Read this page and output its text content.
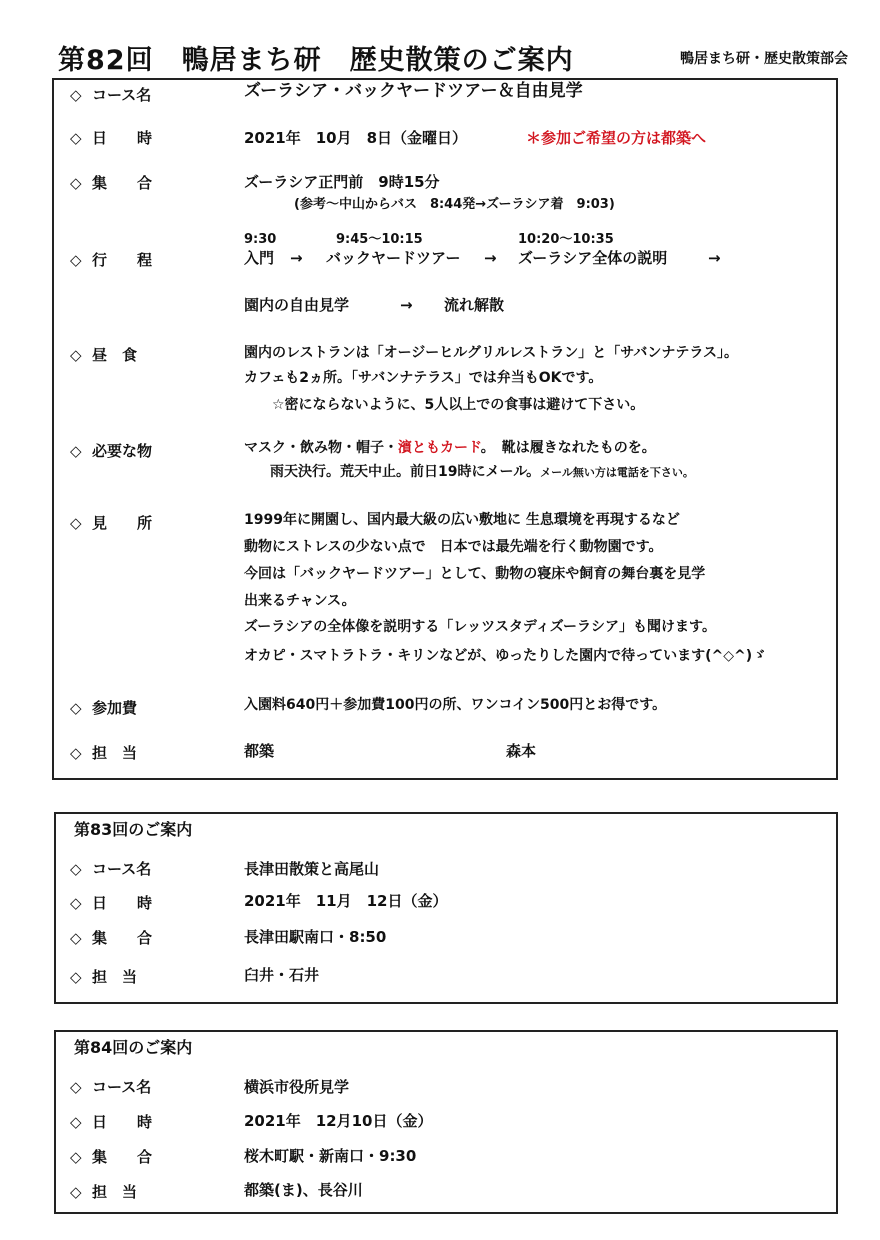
第82回　鴨居まち研　歴史散策のご案内	鴨居まち研・歴史散策部会
◇ コース名	ズーラシア・バックヤードツアー＆自由見学
◇ 日　　時	2021年　10月　8日（金曜日）	＊参加ご希望の方は都築へ
◇ 集　　合	ズーラシア正門前　9時15分
(参考～中山からバス　8:44発→ズーラシア着　9:03)
9:30	9:45～10:15	10:20～10:35
◇ 行　　程	入門 → バックヤードツアー → ズーラシア全体の説明	→
園内の自由見学	→ 流れ解散
◇ 昼　食	園内のレストランは「オージーヒルグリルレストラン」と「サバンナテラス」。
カフェも2ヵ所。「サバンナテラス」では弁当もOKです。
☆密にならないように、5人以上での食事は避けて下さい。
◇ 必要な物	マスク・飲み物・帽子・濱ともカード。　靴は履きなれたものを。
雨天決行。荒天中止。前日19時にメール。メール無い方は電話を下さい。
◇ 見　　所	1999年に開園し、国内最大級の広い敷地に 生息環境を再現するなど
動物にストレスの少ない点で　日本では最先端を行く動物園です。
今回は「バックヤードツアー」として、動物の寝床や飼育の舞台裏を見学
出来るチャンス。
ズーラシアの全体像を説明する「レッツスタディズーラシア」も聞けます。
オカピ・スマトラトラ・キリンなどが、ゆったりした園内で待っています(^◇^)ゞ
◇ 参加費	入園料640円＋参加費100円の所、ワンコイン500円とお得です。
◇ 担　当	都築	森本
第83回のご案内
◇ コース名	長津田散策と高尾山
◇ 日　　時	2021年　11月　12日（金）
◇ 集　　合	長津田駅南口・8:50
◇ 担　当	臼井・石井
第84回のご案内
◇ コース名	横浜市役所見学
◇ 日　　時	2021年　12月10日（金）
◇ 集　　合	桜木町駅・新南口・9:30
◇ 担　当	都築(ま)、長谷川
